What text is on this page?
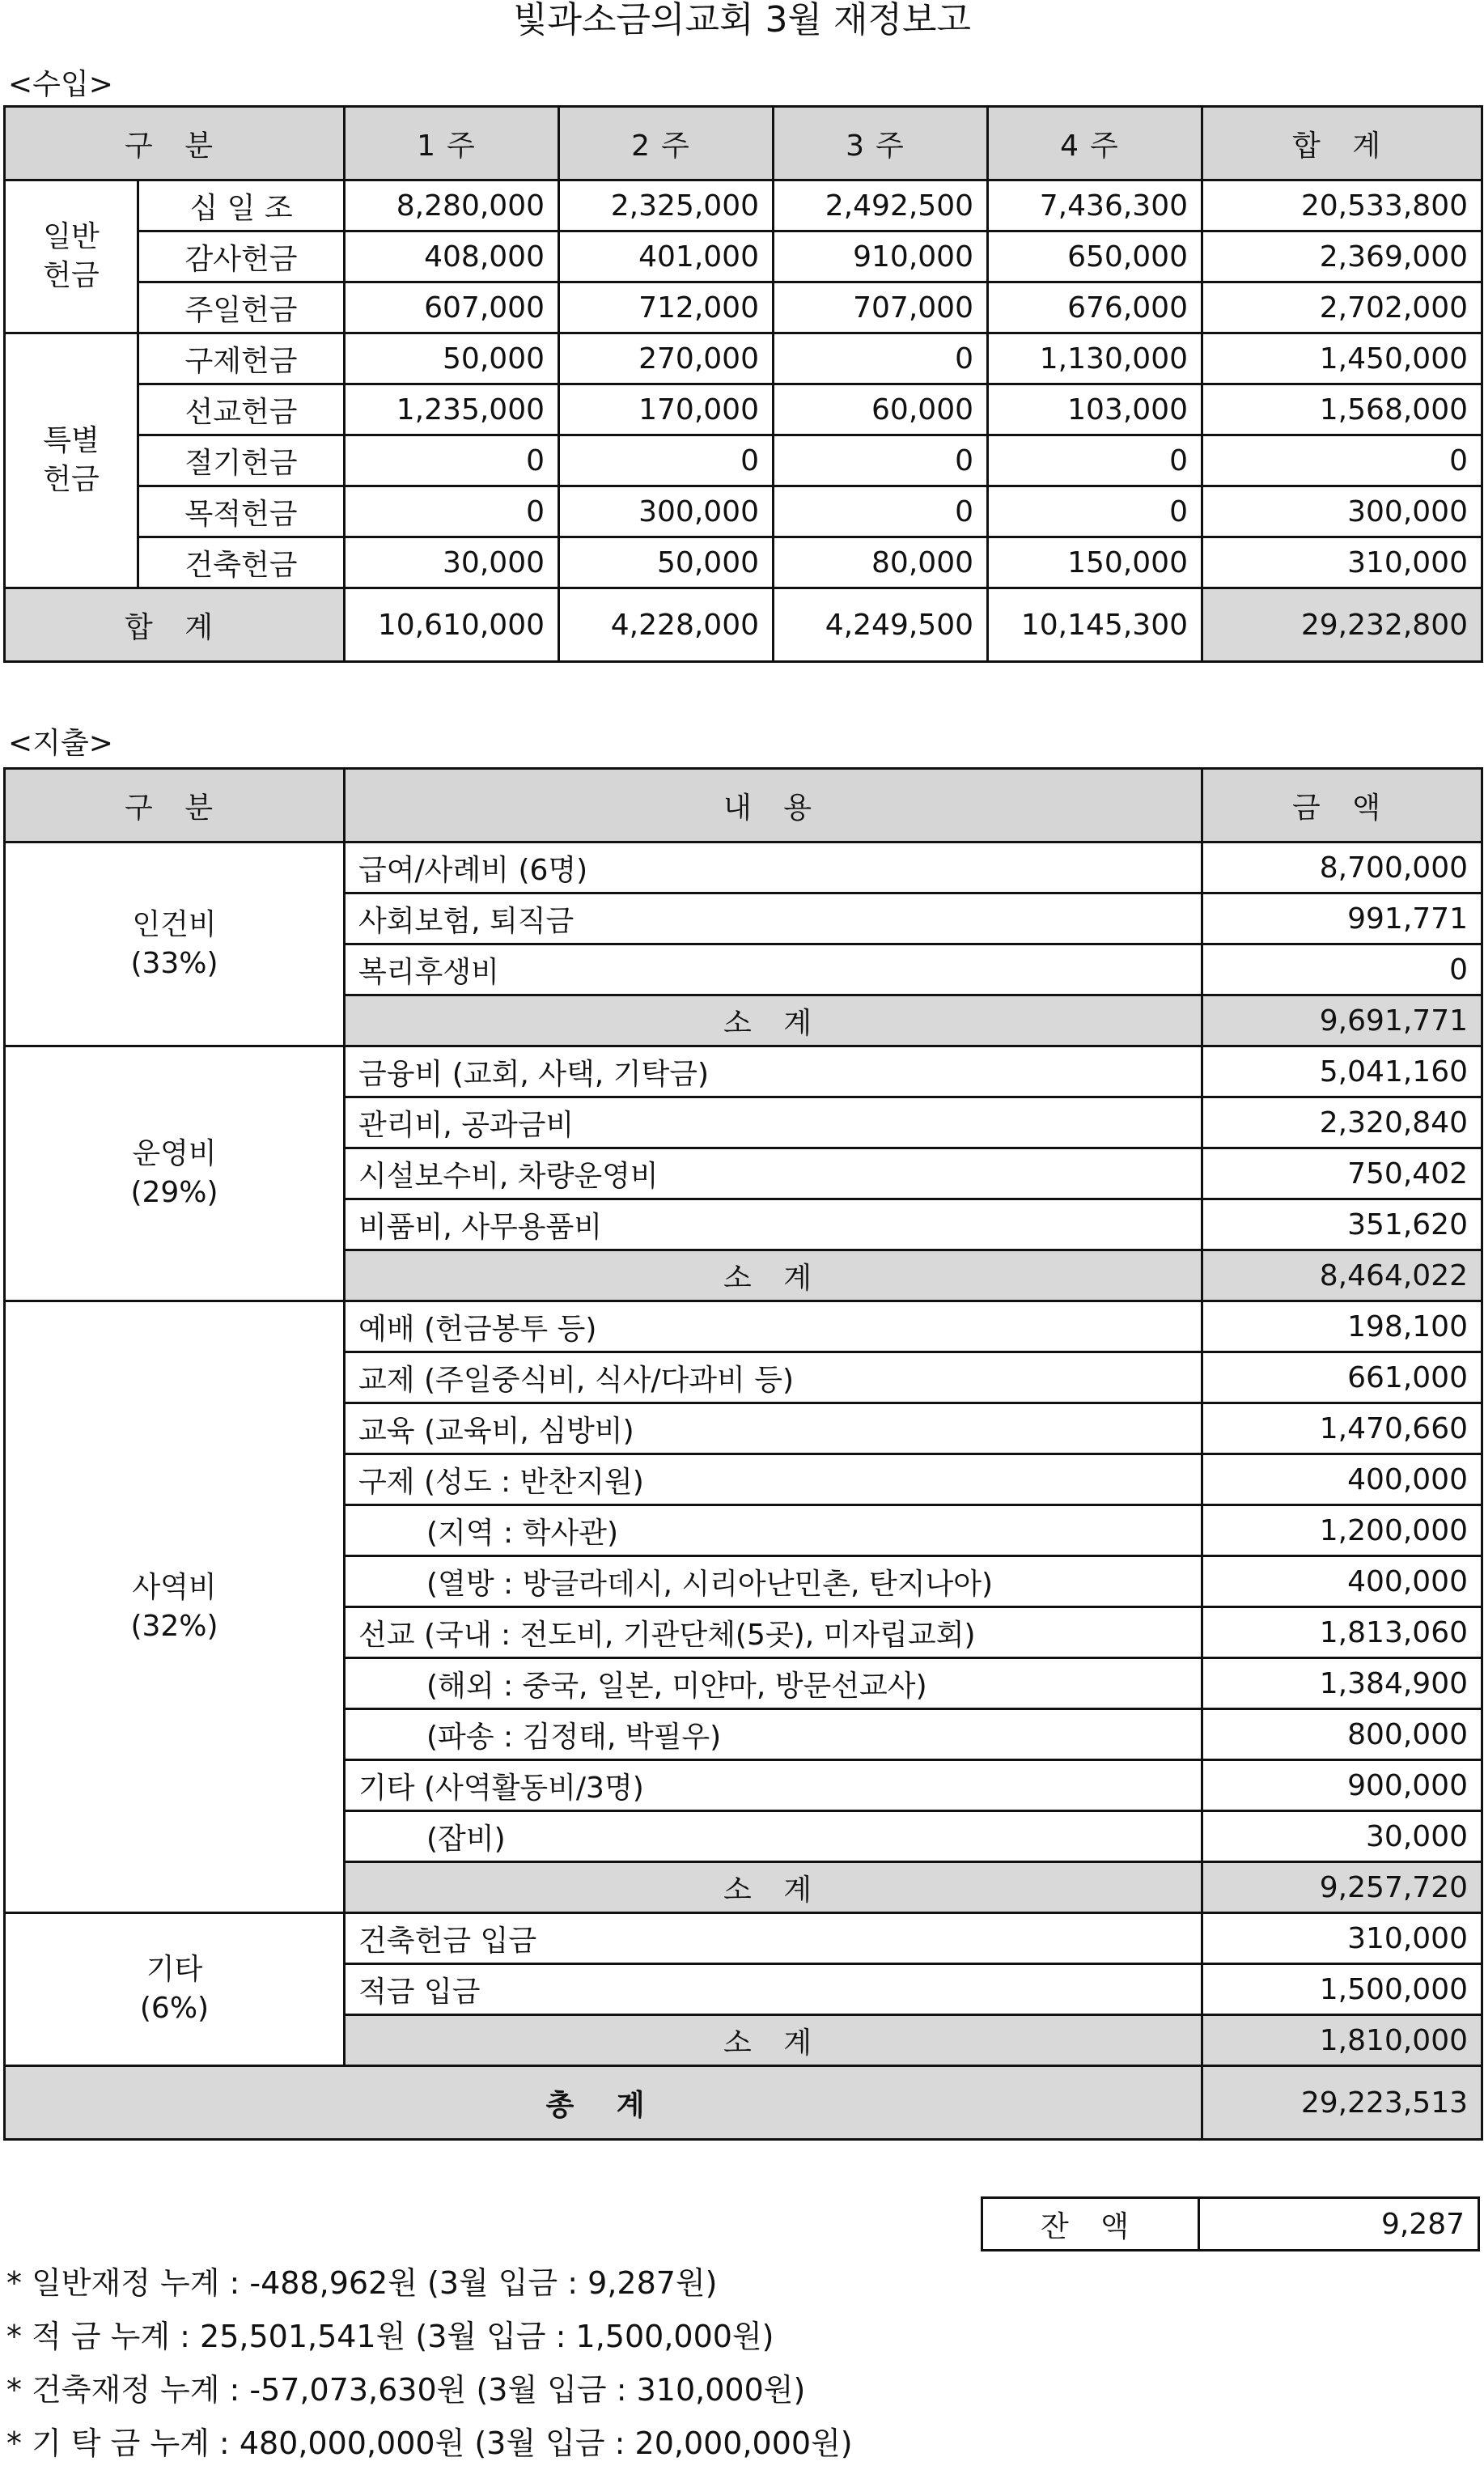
빛과소금의교회 3월 재정보고
<수입>
구 분		1주	2주	3주	4주	합 계
일반
헌금	십 일 조	8,280,000	2,325,000	2,492,500	7,436,300	20,533,800
	감사헌금	408,000	401,000	910,000	650,000	2,369,000
	주일헌금	607,000	712,000	707,000	676,000	2,702,000
특별
헌금	구제헌금	50,000	270,000	0	1,130,000	1,450,000
	선교헌금	1,235,000	170,000	60,000	103,000	1,568,000
	절기헌금	0	0	0	0	0
	목적헌금	0	300,000	0	0	300,000
	건축헌금	30,000	50,000	80,000	150,000	310,000
합 계		10,610,000	4,228,000	4,249,500	10,145,300	29,232,800
<지출>
구 분	내 용	금 액
인건비
(33%)	급여/사례비 (6명)	8,700,000
	사회보험, 퇴직금	991,771
	복리후생비	0
	소 계	9,691,771
운영비
(29%)	금융비 (교회, 사택, 기탁금)	5,041,160
	관리비, 공과금비	2,320,840
	시설보수비, 차량운영비	750,402
	비품비, 사무용품비	351,620
	소 계	8,464,022
사역비
(32%)	예배 (헌금봉투 등)	198,100
	교제 (주일중식비, 식사/다과비 등)	661,000
	교육 (교육비, 심방비)	1,470,660
	구제 (성도 : 반찬지원)	400,000
	(지역 : 학사관)	1,200,000
	(열방 : 방글라데시, 시리아난민촌, 탄지나아)	400,000
	선교 (국내 : 전도비, 기관단체(5곳), 미자립교회)	1,813,060
	(해외 : 중국, 일본, 미얀마, 방문선교사)	1,384,900
	(파송 : 김정태, 박필우)	800,000
	기타 (사역활동비/3명)	900,000
	(잡비)	30,000
	소 계	9,257,720
기타
(6%)	건축헌금 입금	310,000
	적금 입금	1,500,000
	소 계	1,810,000
총 계		29,223,513
잔 액	9,287
* 일반재정 누계 : -488,962원 (3월 입금 : 9,287원)
* 적 금 누계 : 25,501,541원 (3월 입금 : 1,500,000원)
* 건축재정 누계 : -57,073,630원 (3월 입금 : 310,000원)
* 기 탁 금 누계 : 480,000,000원 (3월 입금 : 20,000,000원)
